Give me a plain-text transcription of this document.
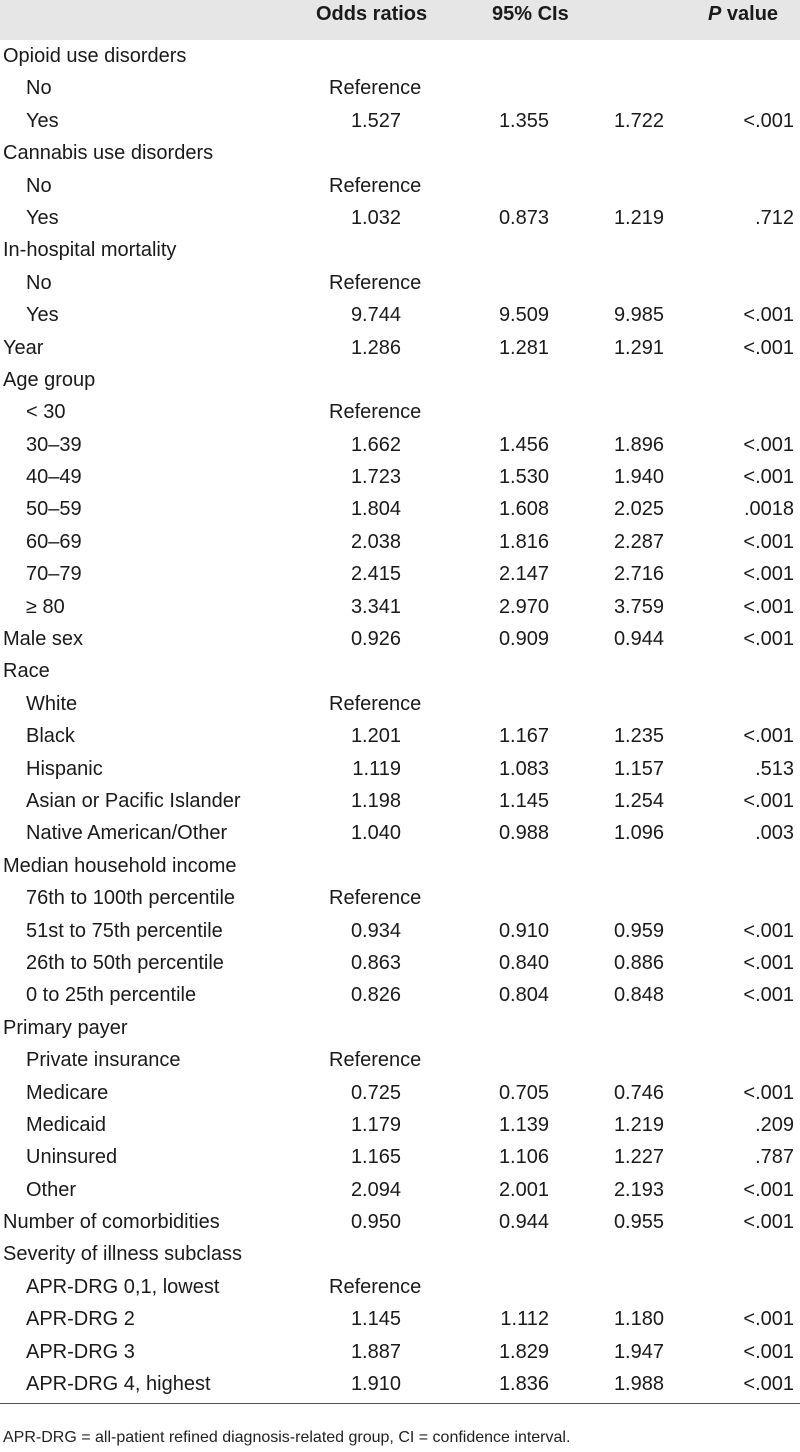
Odds ratios	95% CIs	P value
Opioid use disorders
No	Reference
Yes	1.527	1.355	1.722	<.001
Cannabis use disorders
No	Reference
Yes	1.032	0.873	1.219	.712
In-hospital mortality
No	Reference
Yes	9.744	9.509	9.985	<.001
Year	1.286	1.281	1.291	<.001
Age group
< 30	Reference
30–39	1.662	1.456	1.896	<.001
40–49	1.723	1.530	1.940	<.001
50–59	1.804	1.608	2.025	.0018
60–69	2.038	1.816	2.287	<.001
70–79	2.415	2.147	2.716	<.001
≥ 80	3.341	2.970	3.759	<.001
Male sex	0.926	0.909	0.944	<.001
Race
White	Reference
Black	1.201	1.167	1.235	<.001
Hispanic	1.119	1.083	1.157	.513
Asian or Pacific Islander	1.198	1.145	1.254	<.001
Native American/Other	1.040	0.988	1.096	.003
Median household income
76th to 100th percentile	Reference
51st to 75th percentile	0.934	0.910	0.959	<.001
26th to 50th percentile	0.863	0.840	0.886	<.001
0 to 25th percentile	0.826	0.804	0.848	<.001
Primary payer
Private insurance	Reference
Medicare	0.725	0.705	0.746	<.001
Medicaid	1.179	1.139	1.219	.209
Uninsured	1.165	1.106	1.227	.787
Other	2.094	2.001	2.193	<.001
Number of comorbidities	0.950	0.944	0.955	<.001
Severity of illness subclass
APR-DRG 0,1, lowest	Reference
APR-DRG 2	1.145	1.112	1.180	<.001
APR-DRG 3	1.887	1.829	1.947	<.001
APR-DRG 4, highest	1.910	1.836	1.988	<.001
APR-DRG = all-patient refined diagnosis-related group, CI = confidence interval.
